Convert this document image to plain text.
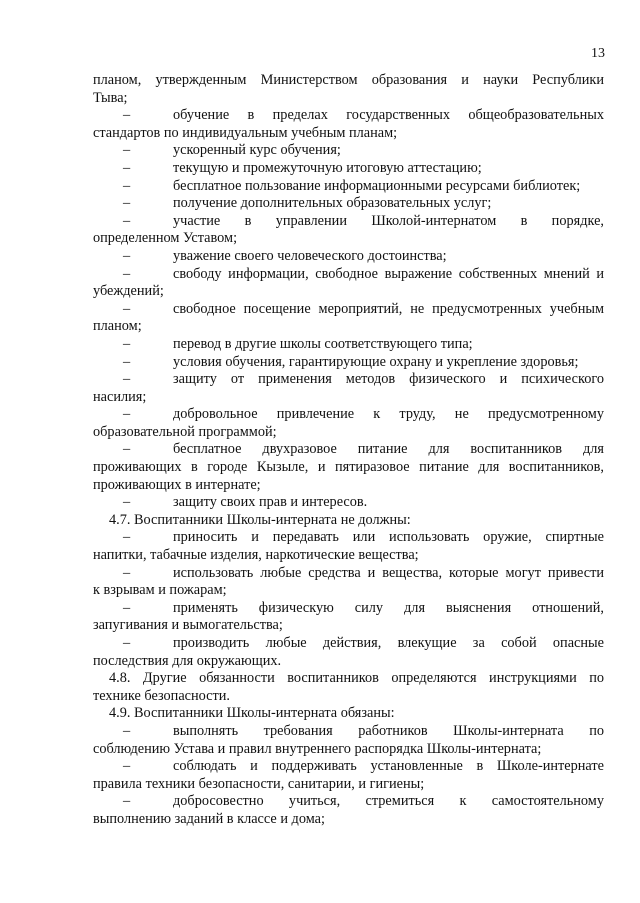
13

планом, утвержденным Министерством образования и науки Республики

Тыва;

–	обучение в пределах государственных общеобразовательных
стандартов по индивидуальным учебным планам;
–	ускоренный курс обучения;
–	текущую и промежуточную итоговую аттестацию;
–	бесплатное пользование информационными ресурсами библиотек;
–	получение дополнительных образовательных услуг;
–	участие в управлении Школой-интернатом в порядке,
определенном Уставом;
–	уважение своего человеческого достоинства;
–	свободу информации, свободное выражение собственных мнений и
убеждений;
–	свободное посещение мероприятий, не предусмотренных учебным
планом;
–	перевод в другие школы соответствующего типа;
–	условия обучения, гарантирующие охрану и укрепление здоровья;
–	защиту от применения методов физического и психического
насилия;
–	добровольное привлечение к труду, не предусмотренному
образовательной программой;
–	бесплатное двухразовое питание для воспитанников для
проживающих в городе Кызыле, и пятиразовое питание для воспитанников, проживающих в интернате;
–	защиту своих прав и интересов.

4.7. Воспитанники Школы-интерната не должны:

–	приносить и передавать или использовать оружие, спиртные
напитки, табачные изделия, наркотические вещества;
–	использовать любые средства и вещества, которые могут привести
к взрывам и пожарам;
–	применять физическую силу для выяснения отношений,
запугивания и вымогательства;
–	производить любые действия, влекущие за собой опасные
последствия для окружающих.

4.8. Другие обязанности воспитанников определяются инструкциями по

технике безопасности.

4.9. Воспитанники Школы-интерната обязаны:

–	выполнять требования работников Школы-интерната по
соблюдению Устава и правил внутреннего распорядка Школы-интерната;
–	соблюдать и поддерживать установленные в Школе-интернате
правила техники безопасности, санитарии, и гигиены;
–	добросовестно учиться, стремиться к самостоятельному
выполнению заданий в классе и дома;
